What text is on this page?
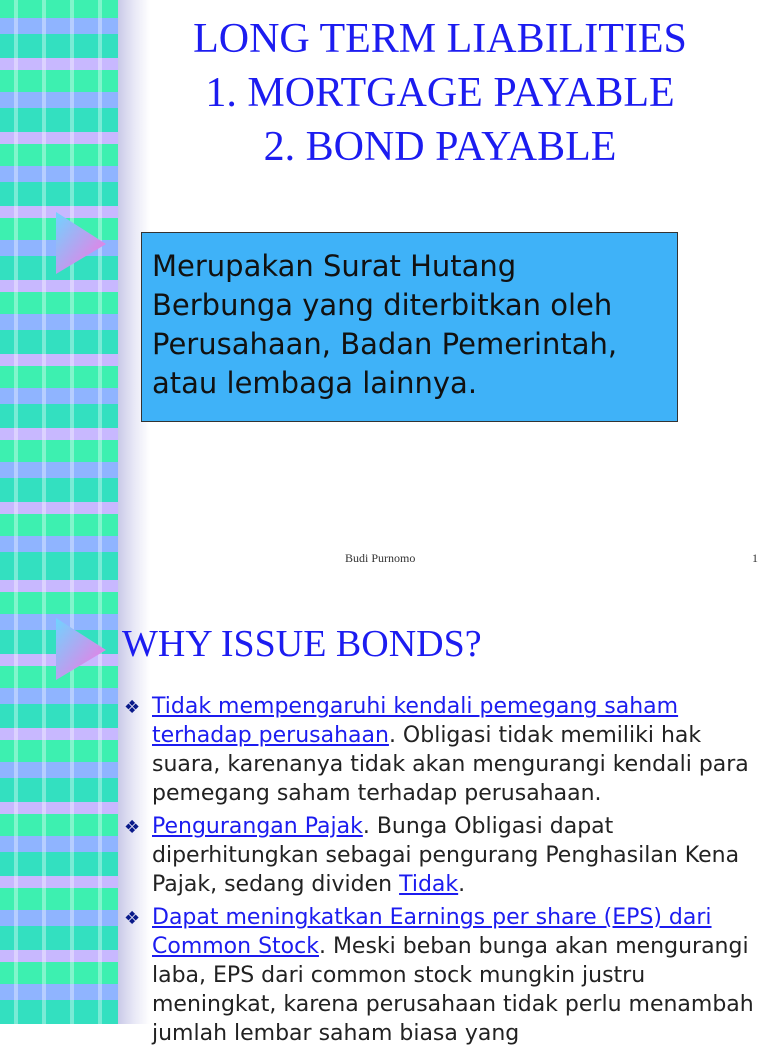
LONG TERM LIABILITIES
1. MORTGAGE PAYABLE
2. BOND PAYABLE

Merupakan Surat Hutang

Berbunga yang diterbitkan oleh

Perusahaan, Badan Pemerintah,

atau lembaga lainnya.

Budi Purnomo	1
WHY ISSUE BONDS?
❖ Tidak mempengaruhi kendali pemegang saham terhadap perusahaan. Obligasi tidak memiliki hak suara, karenanya tidak akan mengurangi kendali para pemegang saham terhadap perusahaan.
❖ Pengurangan Pajak. Bunga Obligasi dapat diperhitungkan sebagai pengurang Penghasilan Kena Pajak, sedang dividen Tidak.
❖ Dapat meningkatkan Earnings per share (EPS) dari Common Stock. Meski beban bunga akan mengurangi laba, EPS dari common stock mungkin justru meningkat, karena perusahaan tidak perlu menambah jumlah lembar saham biasa yang
